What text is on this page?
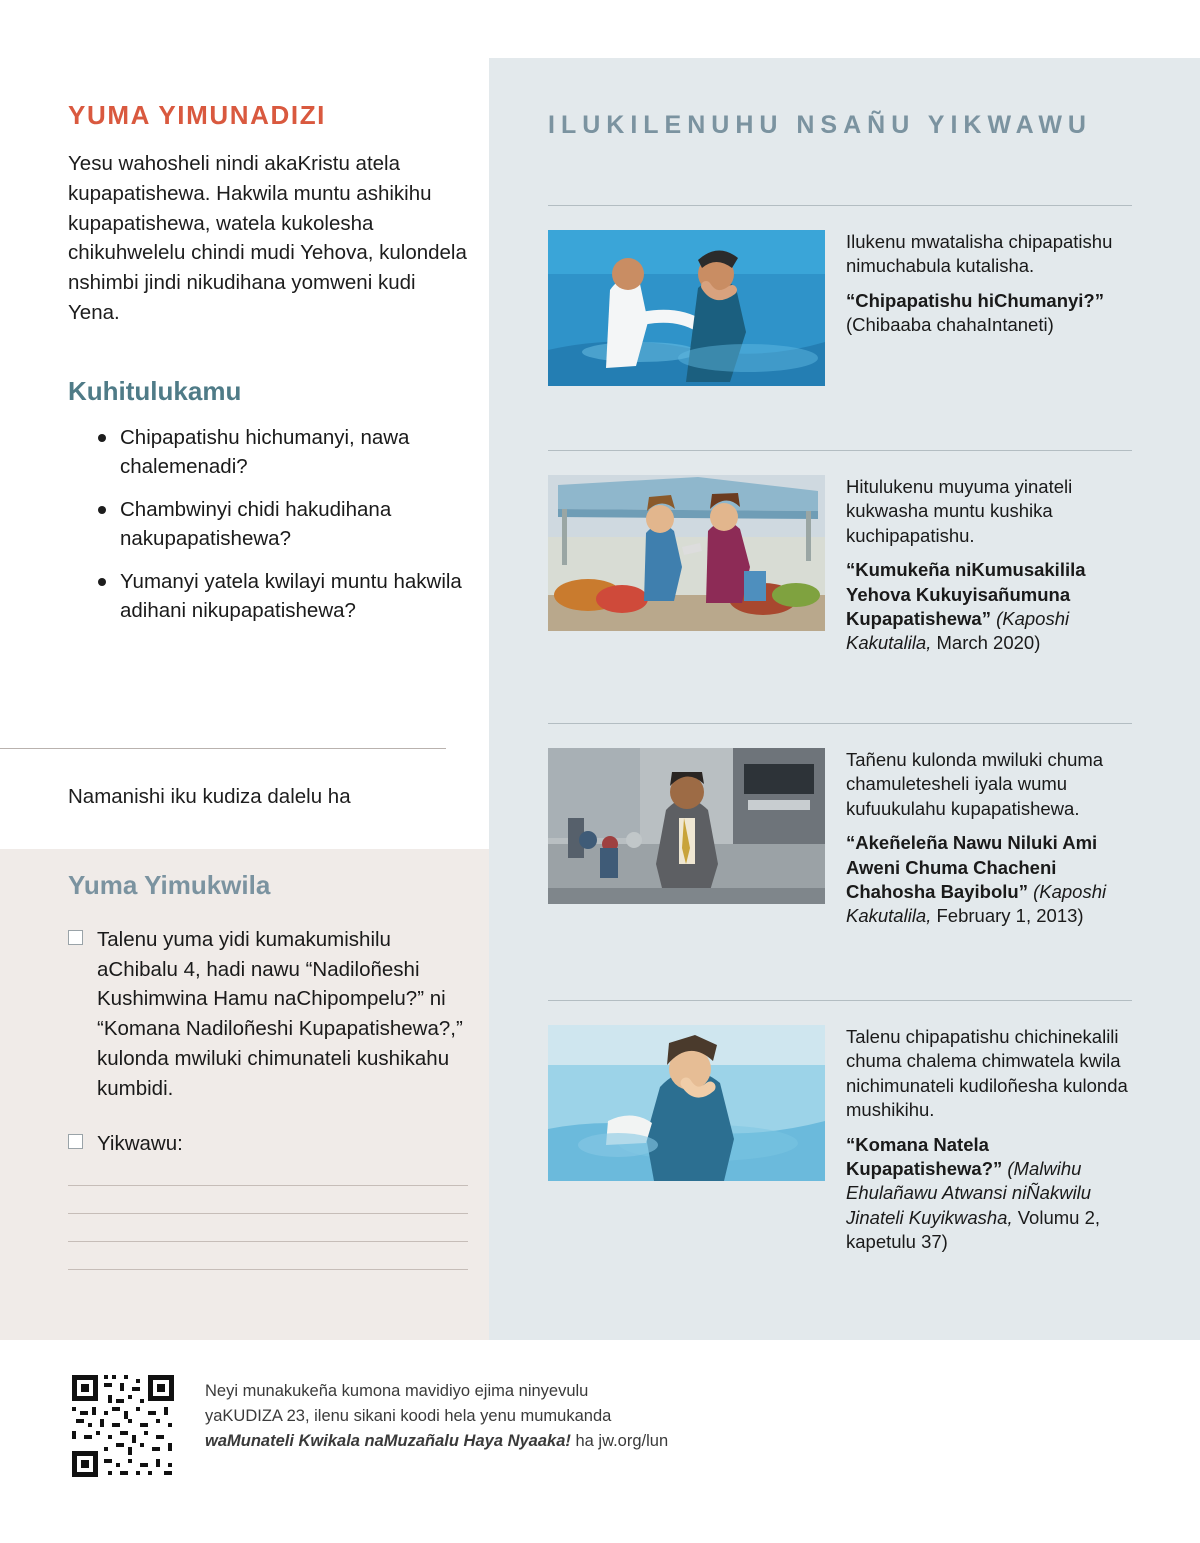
YUMA YIMUNADIZI

Yesu wahosheli nindi akaKristu atela kupapatishewa. Hakwila muntu ashikihu kupapatishewa, watela kukolesha chikuhwelelu chindi mudi Yehova, kulondela nshimbi jindi nikudihana yomweni kudi Yena.

Kuhitulukamu
Chipapatishu hichumanyi, nawa chalemenadi?
Chambwinyi chidi hakudihana nakupapatishewa?
Yumanyi yatela kwilayi muntu hakwila adihani nikupapatishewa?
Namanishi iku kudiza dalelu ha
Yuma Yimukwila
Talenu yuma yidi kumakumishilu aChibalu 4, hadi nawu “Nadiloñeshi Kushimwina Hamu naChipompelu?” ni “Komana Nadiloñeshi Kupapatishewa?,” kulonda mwiluki chimunateli kushikahu kumbidi.
Yikwawu:
ILUKILENUHU NSAÑU YIKWAWU

Ilukenu mwatalisha chipapatishu nimuchabula kutalisha.

“Chipapatishu hiChumanyi?” (Chibaaba chahaIntaneti)

Hitulukenu muyuma yinateli kukwasha muntu kushika kuchipapatishu.

“Kumukeña niKumusakilila Yehova Kukuyisañumuna Kupapatishewa” (Kaposhi Kakutalila, March 2020)

Tañenu kulonda mwiluki chuma chamuletesheli iyala wumu kufuukulahu kupapatishewa.

“Akeñeleña Nawu Niluki Ami Aweni Chuma Chacheni Chahosha Bayibolu” (Kaposhi Kakutalila, February 1, 2013)

Talenu chipapatishu chichinekalili chuma chalema chimwatela kwila nichimunateli kudiloñesha kulonda mushikihu.

“Komana Natela Kupapatishewa?” (Malwihu Ehulañawu Atwansi niÑakwilu Jinateli Kuyikwasha, Volumu 2, kapetulu 37)

Neyi munakukeña kumona mavidiyo ejima ninyevulu
yaKUDIZA 23, ilenu sikani koodi hela yenu mumukanda
waMunateli Kwikala naMuzañalu Haya Nyaaka! ha jw.org/lun
